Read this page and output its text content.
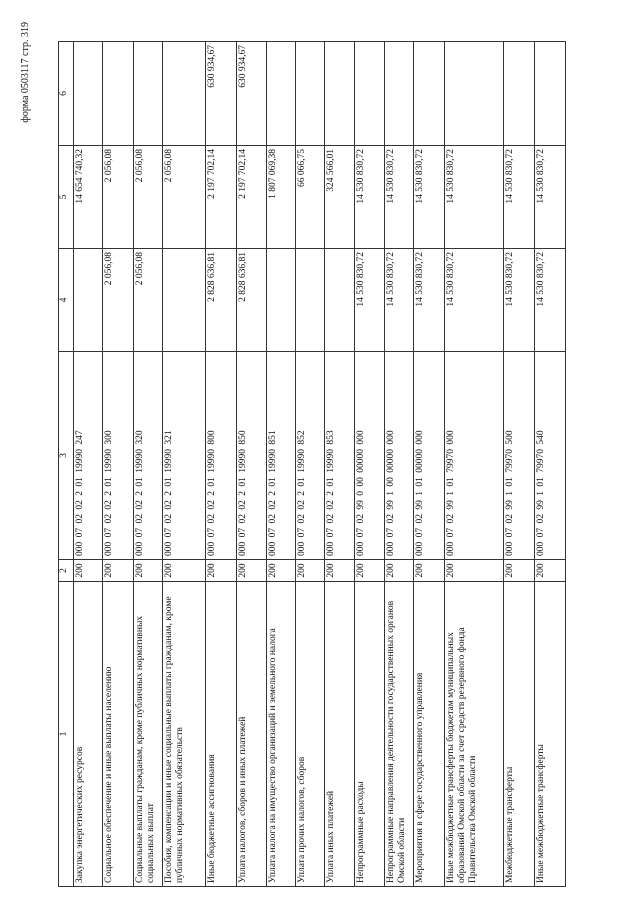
форма 0503117 стр. 319
1	2	3	4	5	6
Закупка энергетических ресурсов	200	000 07 02 02 2 01 19990 247		14 654 740,32	
Социальное обеспечение и иные выплаты населению	200	000 07 02 02 2 01 19990 300	2 056,08	2 056,08	
Социальные выплаты гражданам, кроме публичных нормативных социальных выплат	200	000 07 02 02 2 01 19990 320	2 056,08	2 056,08	
Пособия, компенсации и иные социальные выплаты гражданам, кроме публичных нормативных обязательств	200	000 07 02 02 2 01 19990 321		2 056,08	
Иные бюджетные ассигнования	200	000 07 02 02 2 01 19990 800	2 828 636,81	2 197 702,14	630 934,67
Уплата налогов, сборов и иных платежей	200	000 07 02 02 2 01 19990 850	2 828 636,81	2 197 702,14	630 934,67
Уплата налога на имущество организаций и земельного налога	200	000 07 02 02 2 01 19990 851		1 807 069,38	
Уплата прочих налогов, сборов	200	000 07 02 02 2 01 19990 852		66 066,75	
Уплата иных платежей	200	000 07 02 02 2 01 19990 853		324 566,01	
Непрограммные расходы	200	000 07 02 99 0 00 00000 000	14 530 830,72	14 530 830,72	
Непрограммные направления деятельности государственных органов Омской области	200	000 07 02 99 1 00 00000 000	14 530 830,72	14 530 830,72	
Мероприятия в сфере государственного управления	200	000 07 02 99 1 01 00000 000	14 530 830,72	14 530 830,72	
Иные межбюджетные трансферты бюджетам муниципальных образований Омской области за счет средств резервного фонда Правительства Омской области	200	000 07 02 99 1 01 79970 000	14 530 830,72	14 530 830,72	
Межбюджетные трансферты	200	000 07 02 99 1 01 79970 500	14 530 830,72	14 530 830,72	
Иные межбюджетные трансферты	200	000 07 02 99 1 01 79970 540	14 530 830,72	14 530 830,72	
